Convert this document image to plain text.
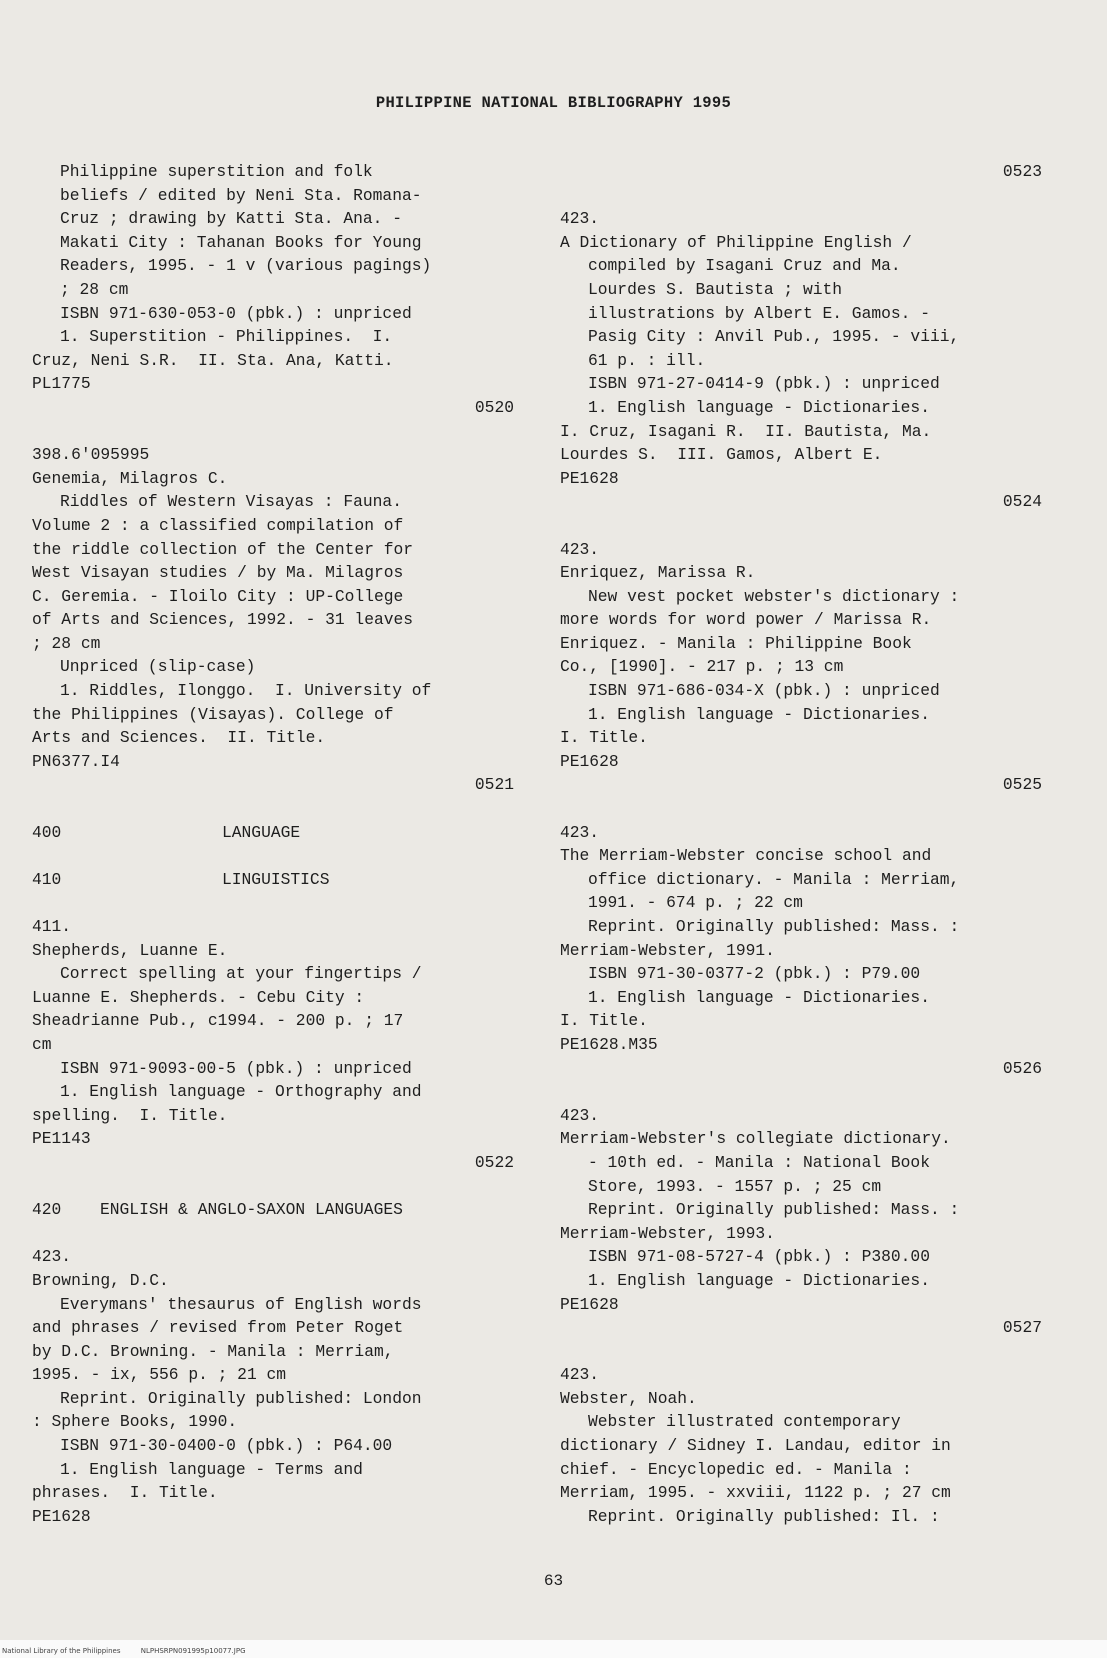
PHILIPPINE NATIONAL BIBLIOGRAPHY 1995
Philippine superstition and folk
beliefs / edited by Neni Sta. Romana-
Cruz ; drawing by Katti Sta. Ana. -
Makati City : Tahanan Books for Young
Readers, 1995. - 1 v (various pagings)
; 28 cm
ISBN 971-630-053-0 (pbk.) : unpriced
1. Superstition - Philippines.  I.
Cruz, Neni S.R.  II. Sta. Ana, Katti.
PL1775
0520
398.6'095995
Genemia, Milagros C.
Riddles of Western Visayas : Fauna.
Volume 2 : a classified compilation of
the riddle collection of the Center for
West Visayan studies / by Ma. Milagros
C. Geremia. - Iloilo City : UP-College
of Arts and Sciences, 1992. - 31 leaves
; 28 cm
Unpriced (slip-case)
1. Riddles, Ilonggo.  I. University of
the Philippines (Visayas). College of
Arts and Sciences.  II. Title.
PN6377.I4
0521
400	LANGUAGE
410	LINGUISTICS
411.
Shepherds, Luanne E.
Correct spelling at your fingertips /
Luanne E. Shepherds. - Cebu City :
Sheadrianne Pub., c1994. - 200 p. ; 17
cm
ISBN 971-9093-00-5 (pbk.) : unpriced
1. English language - Orthography and
spelling.  I. Title.
PE1143
0522
420	ENGLISH & ANGLO-SAXON LANGUAGES
423.
Browning, D.C.
Everymans' thesaurus of English words
and phrases / revised from Peter Roget
by D.C. Browning. - Manila : Merriam,
1995. - ix, 556 p. ; 21 cm
Reprint. Originally published: London
: Sphere Books, 1990.
ISBN 971-30-0400-0 (pbk.) : P64.00
1. English language - Terms and
phrases.  I. Title.
PE1628
0523
423.
A Dictionary of Philippine English /
compiled by Isagani Cruz and Ma.
Lourdes S. Bautista ; with
illustrations by Albert E. Gamos. -
Pasig City : Anvil Pub., 1995. - viii,
61 p. : ill.
ISBN 971-27-0414-9 (pbk.) : unpriced
1. English language - Dictionaries.
I. Cruz, Isagani R.  II. Bautista, Ma.
Lourdes S.  III. Gamos, Albert E.
PE1628
0524
423.
Enriquez, Marissa R.
New vest pocket webster's dictionary :
more words for word power / Marissa R.
Enriquez. - Manila : Philippine Book
Co., [1990]. - 217 p. ; 13 cm
ISBN 971-686-034-X (pbk.) : unpriced
1. English language - Dictionaries.
I. Title.
PE1628
0525
423.
The Merriam-Webster concise school and
office dictionary. - Manila : Merriam,
1991. - 674 p. ; 22 cm
Reprint. Originally published: Mass. :
Merriam-Webster, 1991.
ISBN 971-30-0377-2 (pbk.) : P79.00
1. English language - Dictionaries.
I. Title.
PE1628.M35
0526
423.
Merriam-Webster's collegiate dictionary.
- 10th ed. - Manila : National Book
Store, 1993. - 1557 p. ; 25 cm
Reprint. Originally published: Mass. :
Merriam-Webster, 1993.
ISBN 971-08-5727-4 (pbk.) : P380.00
1. English language - Dictionaries.
PE1628
0527
423.
Webster, Noah.
Webster illustrated contemporary
dictionary / Sidney I. Landau, editor in
chief. - Encyclopedic ed. - Manila :
Merriam, 1995. - xxviii, 1122 p. ; 27 cm
Reprint. Originally published: Il. :
63
National Library of the Philippines	NLPHSRPN091995p10077.JPG
